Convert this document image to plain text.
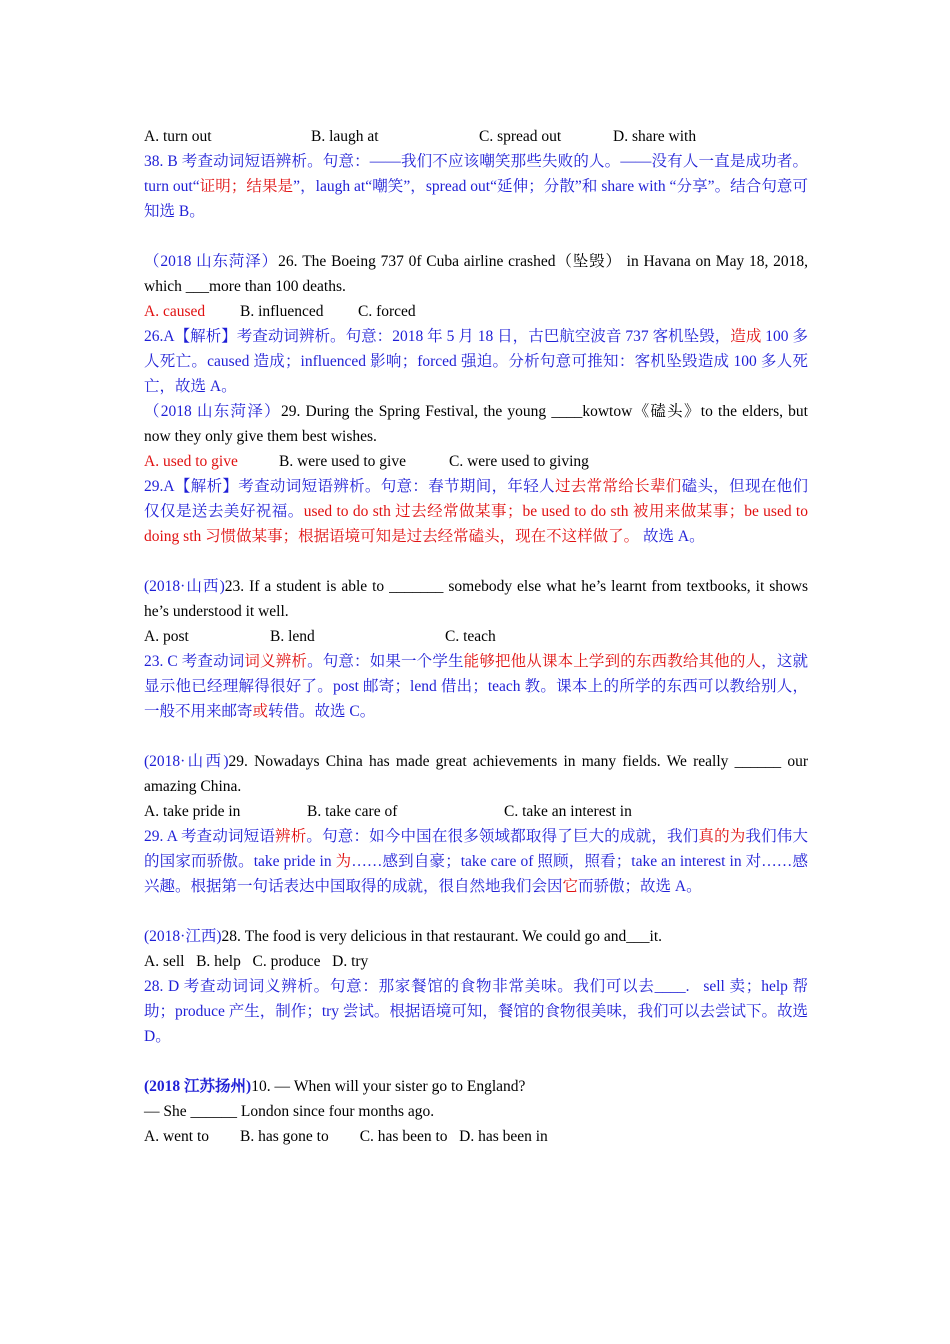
A. turn out	B. laugh at	C. spread out	D. share with
38. B 考查动词短语辨析。句意：——我们不应该嘲笑那些失败的人。——没有人一直是成功者。turn out“证明；结果是”，laugh at“嘲笑”，spread out“延伸；分散”和 share with “分享”。结合句意可知选 B。
（2018 山东菏泽）26. The Boeing 737 0f Cuba airline crashed（坠毁） in Havana on May 18, 2018, which ___more than 100 deaths.
A. caused B. influenced C. forced
26.A【解析】考查动词辨析。句意：2018 年 5 月 18 日，古巴航空波音 737 客机坠毁，造成 100 多人死亡。caused 造成；influenced 影响；forced 强迫。分析句意可推知：客机坠毁造成 100 多人死亡，故选 A。
（2018 山东菏泽）29. During the Spring Festival, the young ____kowtow《磕头》to the elders, but now they only give them best wishes.
A. used to give	B. were used to give	C. were used to giving
29.A【解析】考查动词短语辨析。句意：春节期间，年轻人过去常常给长辈们磕头，但现在他们仅仅是送去美好祝福。used to do sth 过去经常做某事；be used to do sth 被用来做某事；be used to doing sth 习惯做某事；根据语境可知是过去经常磕头，现在不这样做了。 故选 A。
(2018·山西)23. If a student is able to _______ somebody else what he’s learnt from textbooks, it shows he’s understood it well.
A. post	B. lend	C. teach
23. C 考查动词词义辨析。句意：如果一个学生能够把他从课本上学到的东西教给其他的人，这就显示他已经理解得很好了。post 邮寄；lend 借出；teach 教。课本上的所学的东西可以教给别人，一般不用来邮寄或转借。故选 C。
(2018·山西)29. Nowadays China has made great achievements in many fields. We really ______ our amazing China.
A. take pride in	B. take care of	C. take an interest in
29. A 考查动词短语辨析。句意：如今中国在很多领域都取得了巨大的成就，我们真的为我们伟大的国家而骄傲。take pride in 为……感到自豪；take care of 照顾，照看；take an interest in 对……感兴趣。根据第一句话表达中国取得的成就，很自然地我们会因它而骄傲；故选 A。
(2018·江西)28. The food is very delicious in that restaurant. We could go and___it.
A. sell   B. help   C. produce   D. try
28. D 考查动词词义辨析。句意：那家餐馆的食物非常美味。我们可以去____.   sell 卖；help 帮助；produce 产生，制作；try 尝试。根据语境可知，餐馆的食物很美味，我们可以去尝试下。故选 D。
(2018 江苏扬州)10. — When will your sister go to England?
— She ______ London since four months ago.
A. went to        B. has gone to        C. has been to   D. has been in
